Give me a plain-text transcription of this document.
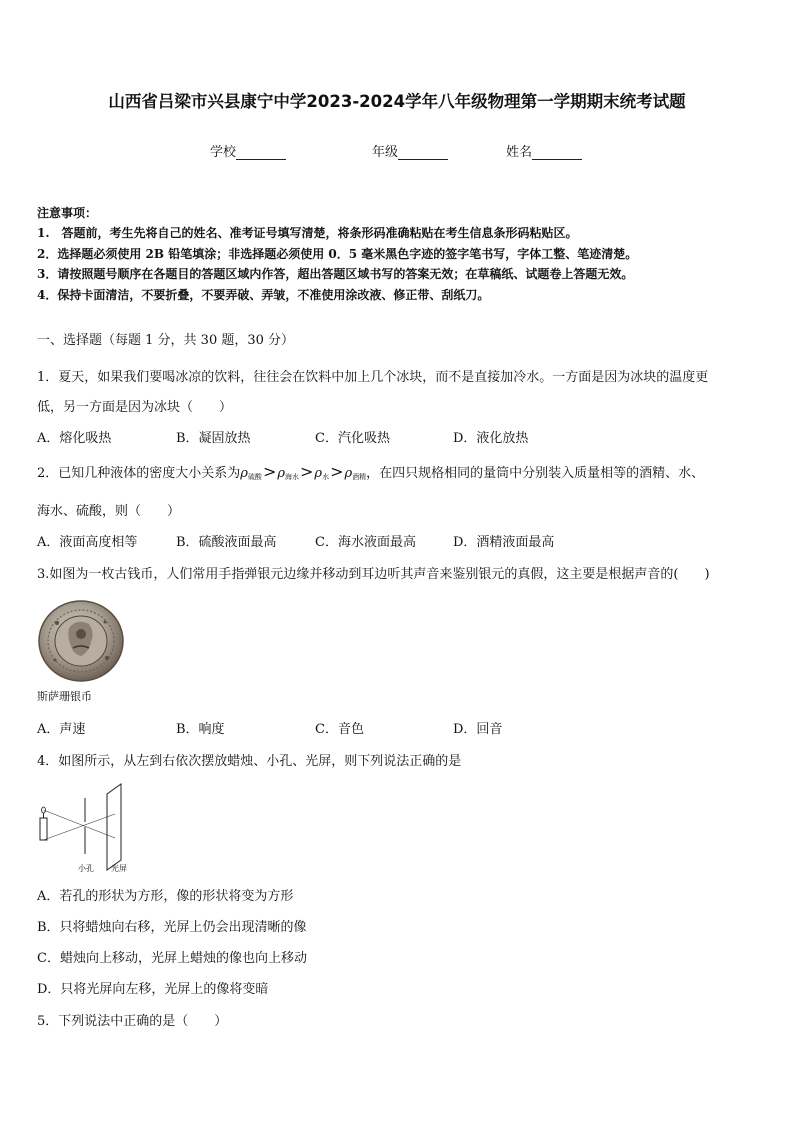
山西省吕梁市兴县康宁中学2023-2024学年八年级物理第一学期期末统考试题
学校	年级	姓名
注意事项：
1.　答题前，考生先将自己的姓名、准考证号填写清楚，将条形码准确粘贴在考生信息条形码粘贴区。
2．选择题必须使用 2B 铅笔填涂；非选择题必须使用 0．5 毫米黑色字迹的签字笔书写，字体工整、笔迹清楚。
3．请按照题号顺序在各题目的答题区域内作答，超出答题区域书写的答案无效；在草稿纸、试题卷上答题无效。
4．保持卡面清洁，不要折叠，不要弄破、弄皱，不准使用涂改液、修正带、刮纸刀。
一、选择题（每题 1 分，共 30 题，30 分）
1．夏天，如果我们要喝冰凉的饮料，往往会在饮料中加上几个冰块，而不是直接加冷水。一方面是因为冰块的温度更
低，另一方面是因为冰块（　　）
A．熔化吸热	B．凝固放热	C．汽化吸热	D．液化放热
2．已知几种液体的密度大小关系为$\rho_{硫酸}>\rho_{海水}>\rho_水>\rho_{酒精}$，在四只规格相同的量筒中分别装入质量相等的酒精、水、
海水、硫酸，则（　　）
A．液面高度相等	B．硫酸液面最高	C．海水液面最高	D．酒精液面最高
3.如图为一枚古钱币，人们常用手指弹银元边缘并移动到耳边听其声音来鉴别银元的真假，这主要是根据声音的(　　)
斯萨珊银币
A．声速	B．响度	C．音色	D．回音
4．如图所示，从左到右依次摆放蜡烛、小孔、光屏，则下列说法正确的是
小孔 光屏
A．若孔的形状为方形，像的形状将变为方形
B．只将蜡烛向右移，光屏上仍会出现清晰的像
C．蜡烛向上移动，光屏上蜡烛的像也向上移动
D．只将光屏向左移，光屏上的像将变暗
5．下列说法中正确的是（　　）
